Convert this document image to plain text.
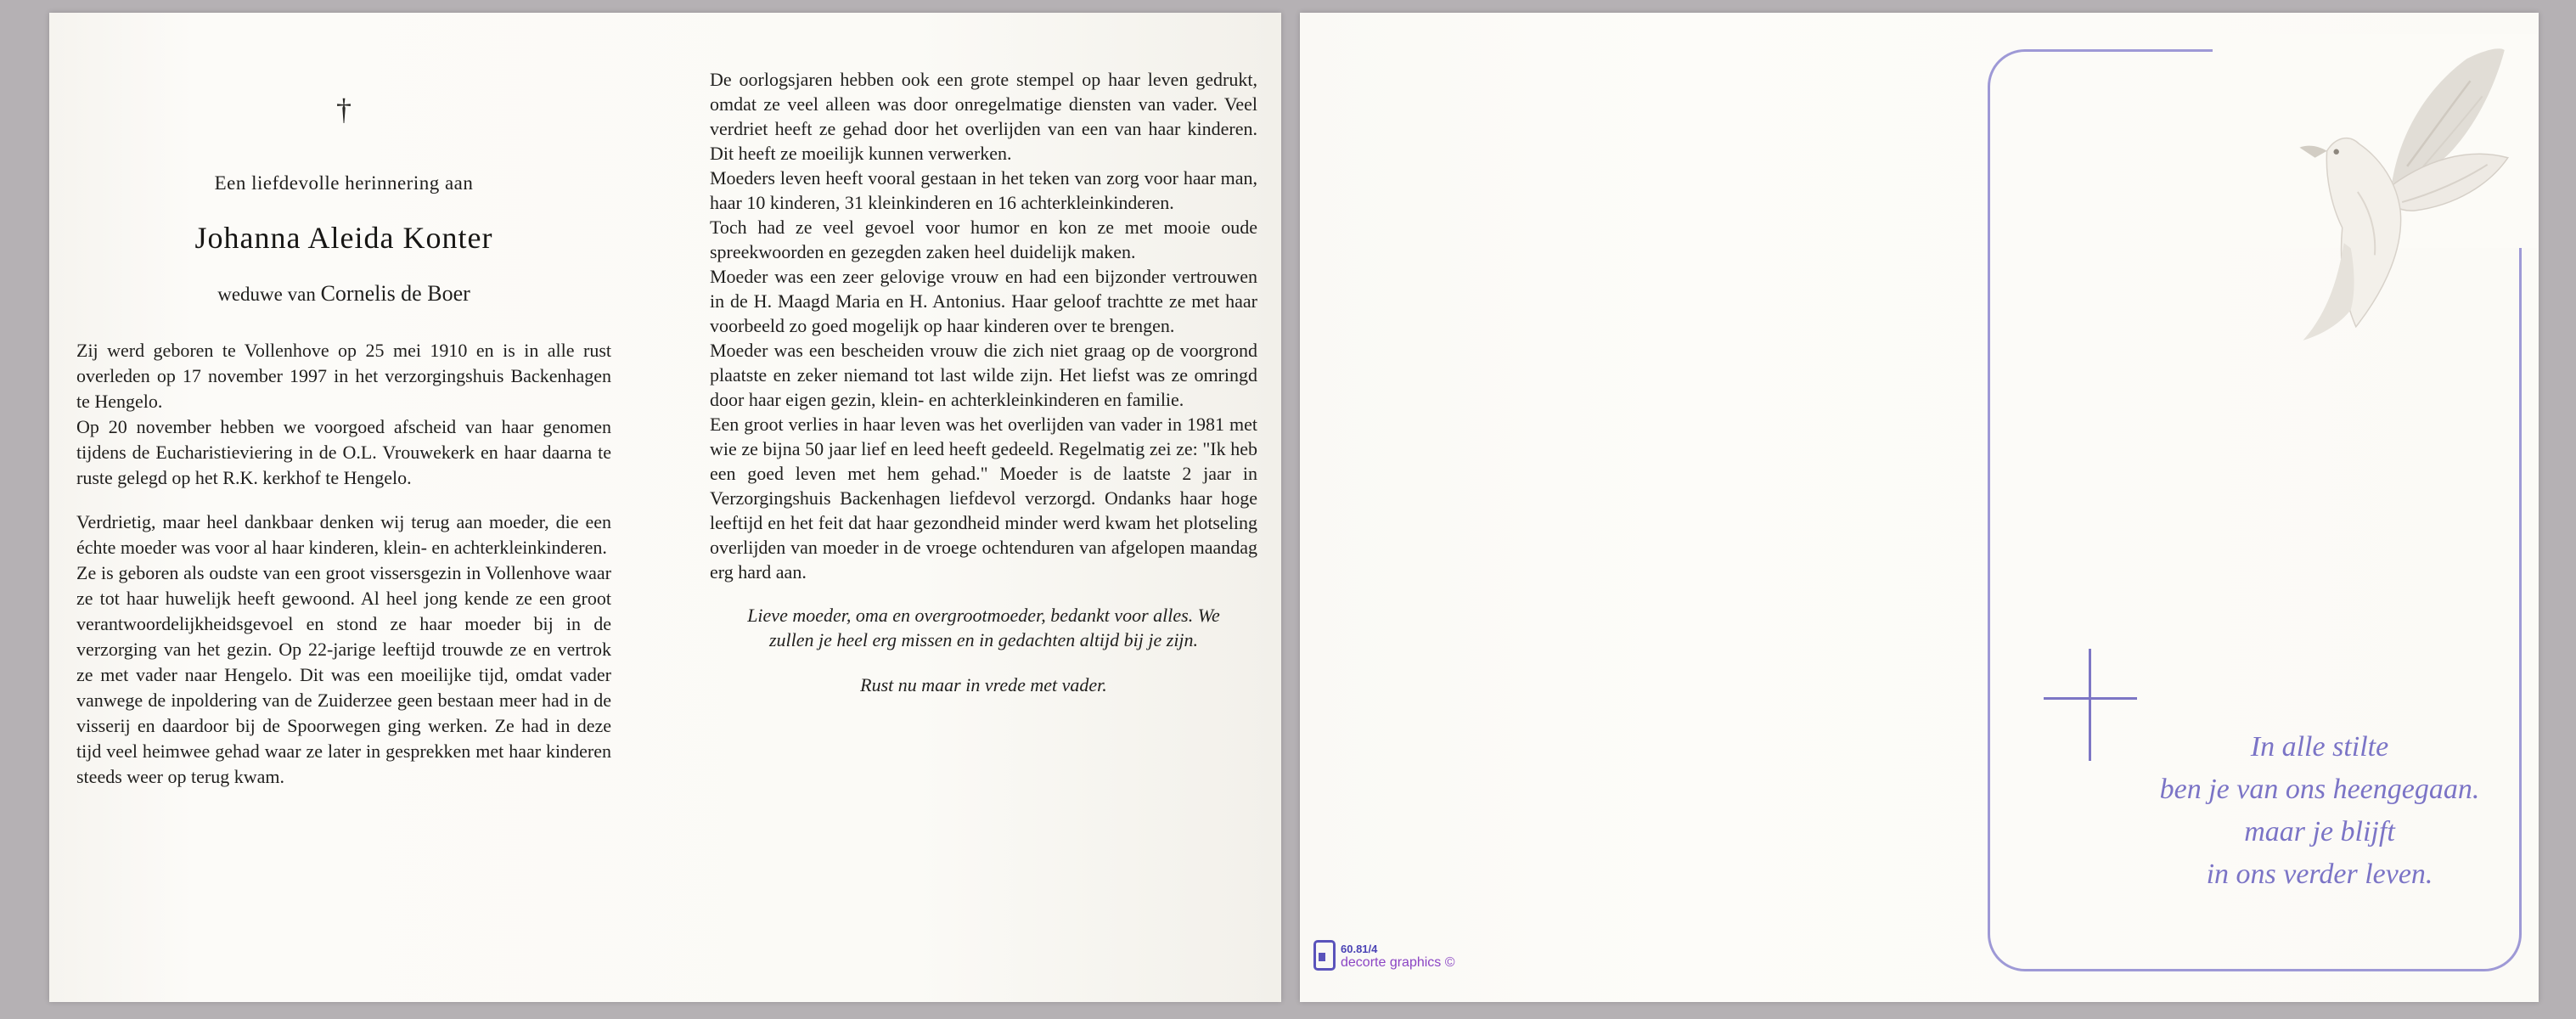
†
Een liefdevolle herinnering aan
Johanna Aleida Konter
weduwe van Cornelis de Boer

Zij werd geboren te Vollenhove op 25 mei 1910 en is in alle rust overleden op 17 november 1997 in het verzorgingshuis Backenhagen te Hengelo.

Op 20 november hebben we voorgoed afscheid van haar genomen tijdens de Eucharistieviering in de O.L. Vrouwekerk en haar daarna te ruste gelegd op het R.K. kerkhof te Hengelo.

Verdrietig, maar heel dankbaar denken wij terug aan moeder, die een échte moeder was voor al haar kinderen, klein- en achterkleinkinderen.

Ze is geboren als oudste van een groot vissersgezin in Vollenhove waar ze tot haar huwelijk heeft gewoond. Al heel jong kende ze een groot verantwoordelijkheidsgevoel en stond ze haar moeder bij in de verzorging van het gezin. Op 22-jarige leeftijd trouwde ze en vertrok ze met vader naar Hengelo. Dit was een moeilijke tijd, omdat vader vanwege de inpoldering van de Zuiderzee geen bestaan meer had in de visserij en daardoor bij de Spoorwegen ging werken. Ze had in deze tijd veel heimwee gehad waar ze later in gesprekken met haar kinderen steeds weer op terug kwam.

De oorlogsjaren hebben ook een grote stempel op haar leven gedrukt, omdat ze veel alleen was door onregelmatige diensten van vader. Veel verdriet heeft ze gehad door het overlijden van een van haar kinderen. Dit heeft ze moeilijk kunnen verwerken.

Moeders leven heeft vooral gestaan in het teken van zorg voor haar man, haar 10 kinderen, 31 kleinkinderen en 16 achterkleinkinderen.

Toch had ze veel gevoel voor humor en kon ze met mooie oude spreekwoorden en gezegden zaken heel duidelijk maken.

Moeder was een zeer gelovige vrouw en had een bijzonder vertrouwen in de H. Maagd Maria en H. Antonius. Haar geloof trachtte ze met haar voorbeeld zo goed mogelijk op haar kinderen over te brengen.

Moeder was een bescheiden vrouw die zich niet graag op de voorgrond plaatste en zeker niemand tot last wilde zijn. Het liefst was ze omringd door haar eigen gezin, klein- en achterkleinkinderen en familie.

Een groot verlies in haar leven was het overlijden van vader in 1981 met wie ze bijna 50 jaar lief en leed heeft gedeeld. Regelmatig zei ze: "Ik heb een goed leven met hem gehad." Moeder is de laatste 2 jaar in Verzorgingshuis Backenhagen liefdevol verzorgd. Ondanks haar hoge leeftijd en het feit dat haar gezondheid minder werd kwam het plotseling overlijden van moeder in de vroege ochtenduren van afgelopen maandag erg hard aan.

Lieve moeder, oma en overgrootmoeder, bedankt voor alles. We zullen je heel erg missen en in gedachten altijd bij je zijn.

Rust nu maar in vrede met vader.

In alle stilte
ben je van ons heengegaan.
maar je blijft
in ons verder leven.
60.81/4
decorte graphics ©
